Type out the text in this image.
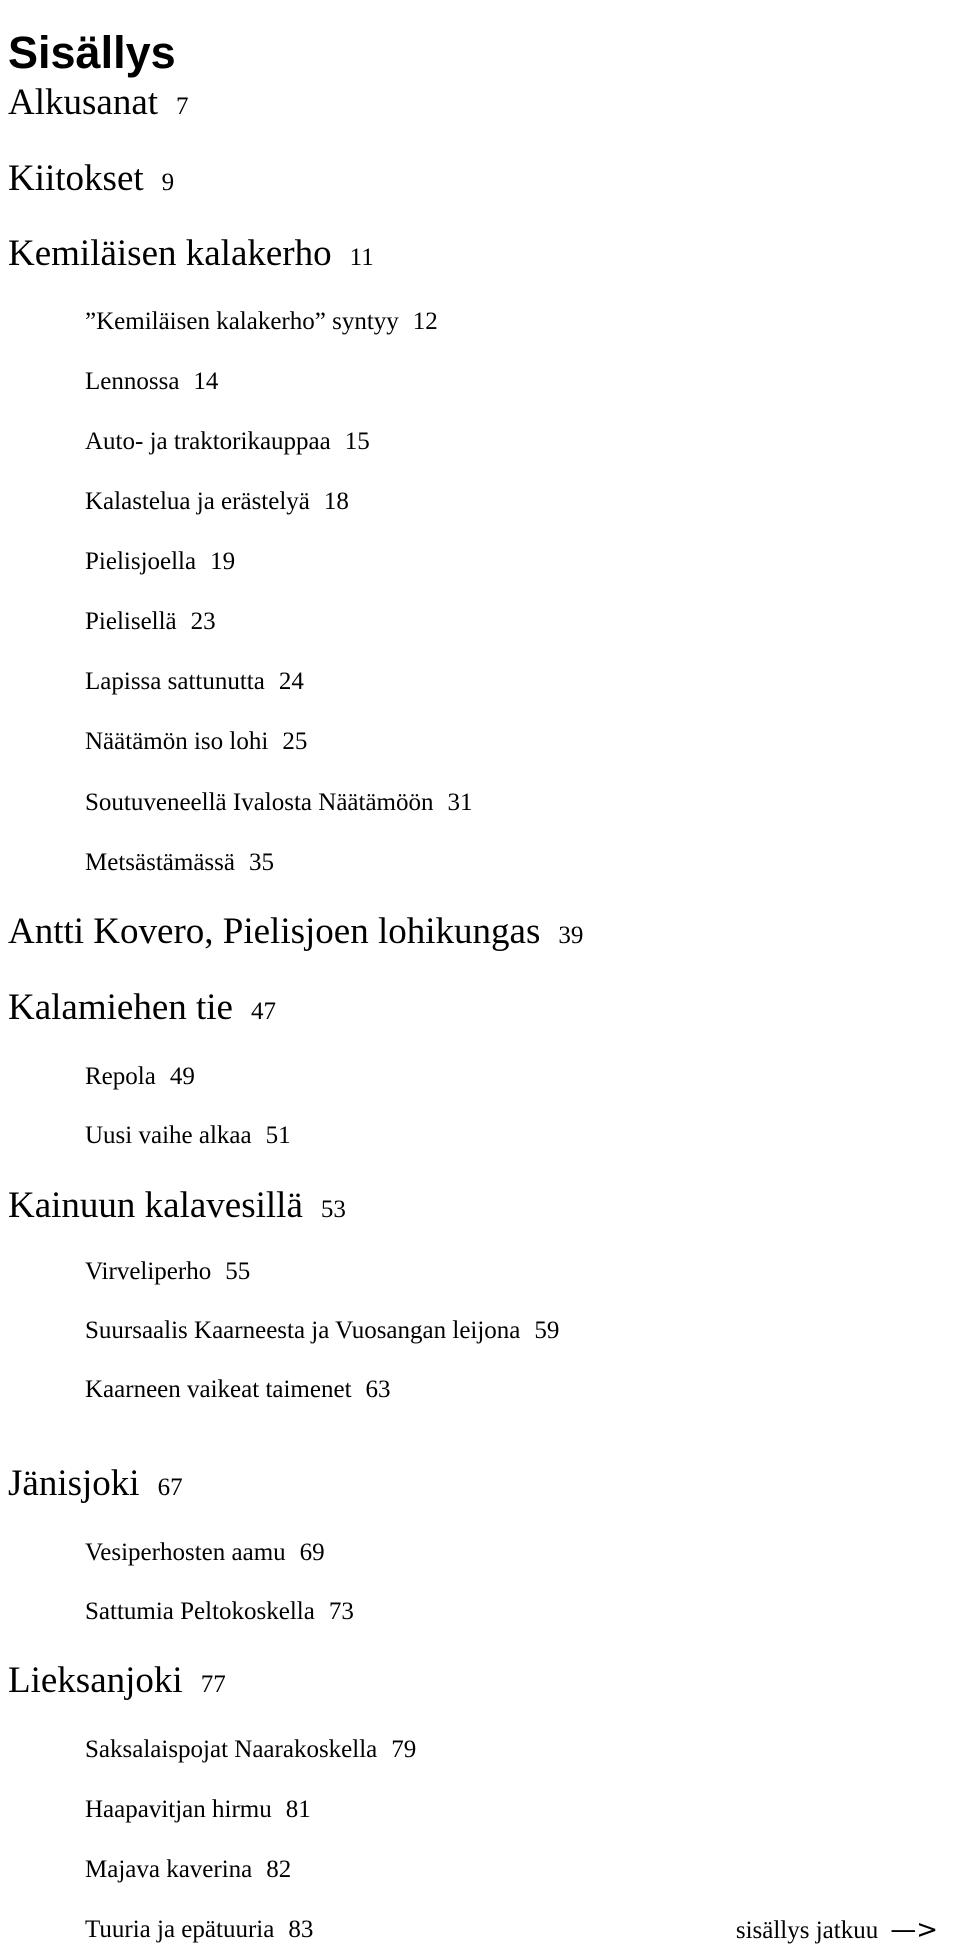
Sisällys
Alkusanat 7
Kiitokset 9
Kemiläisen kalakerho 11
”Kemiläisen kalakerho” syntyy 12
Lennossa 14
Auto- ja traktorikauppaa 15
Kalastelua ja erästelyä 18
Pielisjoella 19
Pielisellä 23
Lapissa sattunutta 24
Näätämön iso lohi 25
Soutuveneellä Ivalosta Näätämöön 31
Metsästämässä 35
Antti Kovero, Pielisjoen lohikungas 39
Kalamiehen tie 47
Repola 49
Uusi vaihe alkaa 51
Kainuun kalavesillä 53
Virveliperho 55
Suursaalis Kaarneesta ja Vuosangan leijona 59
Kaarneen vaikeat taimenet 63
Jänisjoki 67
Vesiperhosten aamu 69
Sattumia Peltokoskella 73
Lieksanjoki 77
Saksalaispojat Naarakoskella 79
Haapavitjan hirmu 81
Majava kaverina 82
Tuuria ja epätuuria 83	sisällys jatkuu —>
